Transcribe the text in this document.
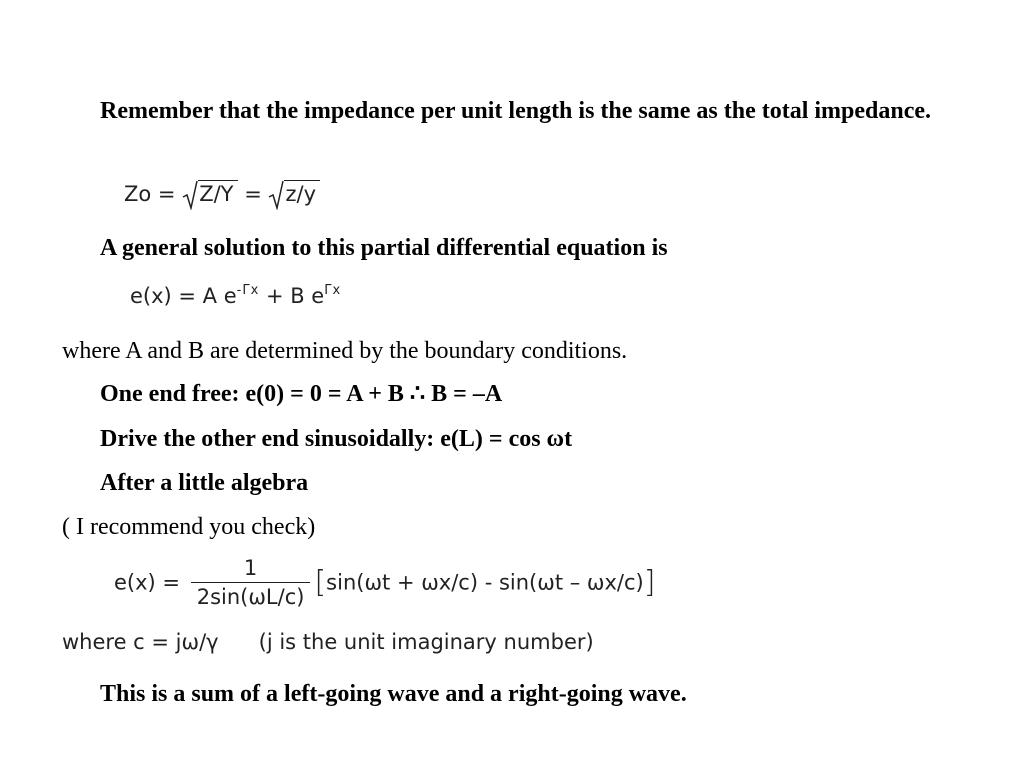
Remember that the impedance per unit length is the same as the total impedance.

Zo = Z/Y = z/y

A general solution to this partial differential equation is

e(x) = A $e^{-\Gamma x} + B$ $e^{\Gamma x}$

where A and B are determined by the boundary conditions.

One end free: e(0) = 0 = A + B ∴ B = –A

Drive the other end sinusoidally: e(L) = cos ωt

After a little algebra

( I recommend you check)

$e(x) = \frac{1}{2\sin(\omega L/c)} [\sin(\omega t + \omega x/c) - \sin(\omega t - \omega x/c)]$
where c = jω/γ      (j is the unit imaginary number)

This is a sum of a left-going wave and a right-going wave.
